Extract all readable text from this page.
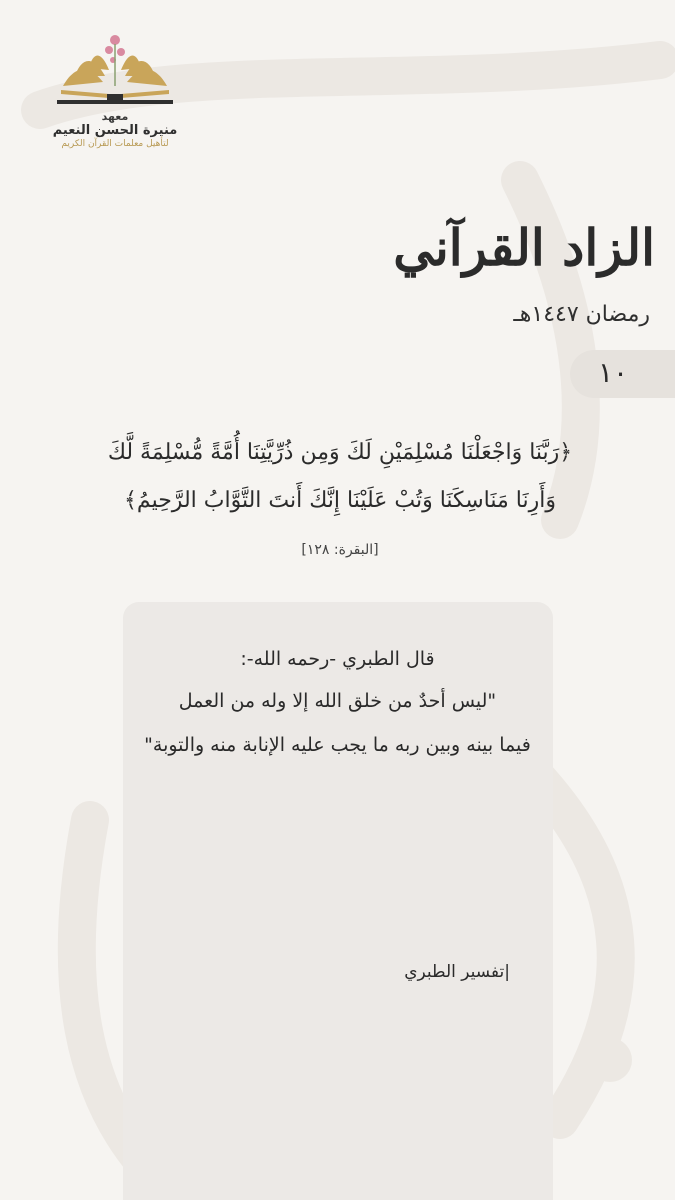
معهد
منيرة الحسن النعيم
لتأهيل معلمات القرآن الكريم
الزاد القرآني
رمضان ١٤٤٧هـ
١٠
﴿رَبَّنَا وَاجْعَلْنَا مُسْلِمَيْنِ لَكَ وَمِن ذُرِّيَّتِنَا أُمَّةً مُّسْلِمَةً لَّكَ
وَأَرِنَا مَنَاسِكَنَا وَتُبْ عَلَيْنَا إِنَّكَ أَنتَ التَّوَّابُ الرَّحِيمُ﴾
[البقرة: ١٢٨]
قال الطبري -رحمه الله-:
"ليس أحدٌ من خلق الله إلا وله من العمل
فيما بينه وبين ربه ما يجب عليه الإنابة منه والتوبة"
|تفسير الطبري
